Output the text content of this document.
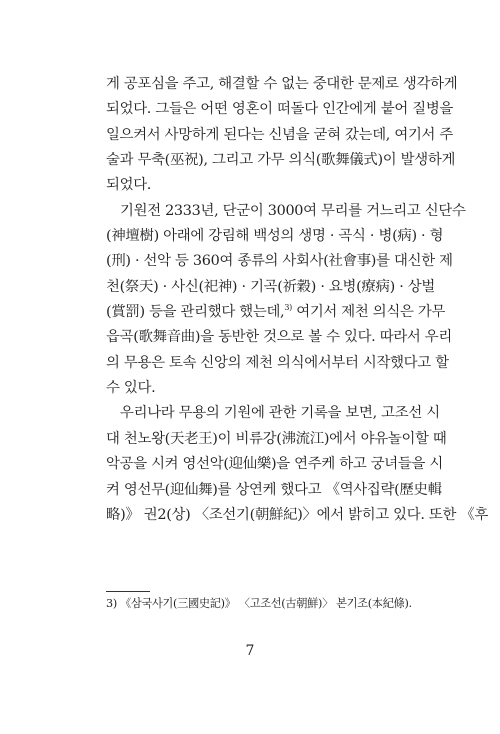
게 공포심을 주고, 해결할 수 없는 중대한 문제로 생각하게
되었다. 그들은 어떤 영혼이 떠돌다 인간에게 붙어 질병을
일으켜서 사망하게 된다는 신념을 굳혀 갔는데, 여기서 주
술과 무축(巫祝), 그리고 가무 의식(歌舞儀式)이 발생하게
되었다.
기원전 2333년, 단군이 3000여 무리를 거느리고 신단수
(神壇樹) 아래에 강림해 백성의 생명 · 곡식 · 병(病) · 형
(刑) · 선악 등 360여 종류의 사회사(社會事)를 대신한 제
천(祭天) · 사신(祀神) · 기곡(祈穀) · 요병(療病) · 상벌
(賞罰) 등을 관리했다 했는데,$^{3)}$ 여기서 제천 의식은 가무
읍곡(歌舞音曲)을 동반한 것으로 볼 수 있다. 따라서 우리
의 무용은 토속 신앙의 제천 의식에서부터 시작했다고 할
수 있다.
우리나라 무용의 기원에 관한 기록을 보면, 고조선 시
대 천노왕(天老王)이 비류강(沸流江)에서 야유놀이할 때
악공을 시켜 영선악(迎仙樂)을 연주케 하고 궁녀들을 시
켜 영선무(迎仙舞)를 상연케 했다고 《역사집략(歷史輯
略)》 권2(상) 〈조선기(朝鮮紀)〉에서 밝히고 있다. 또한 《후
3) 《삼국사기(三國史記)》 〈고조선(古朝鮮)〉 본기조(本紀條).
7
